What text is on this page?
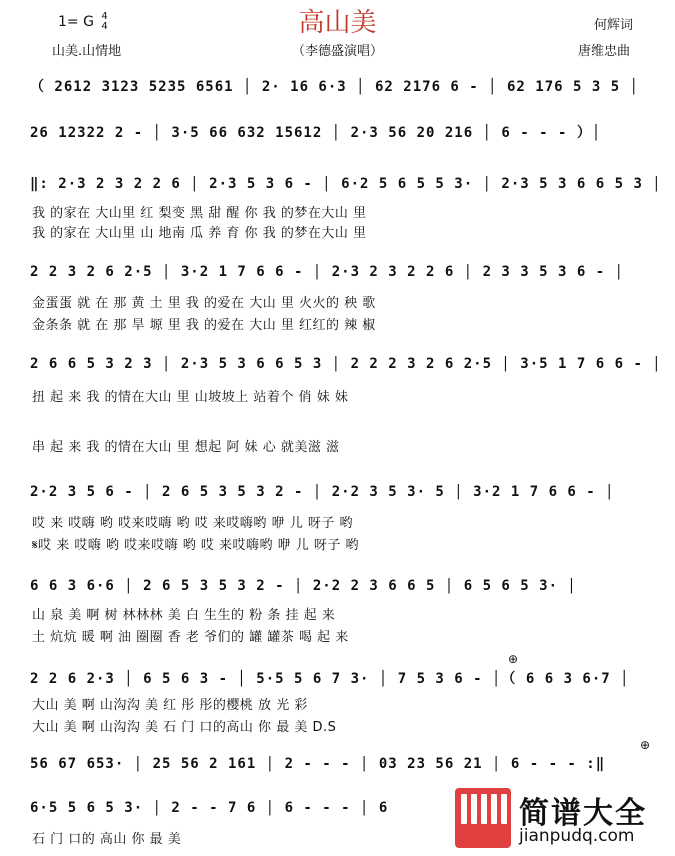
高山美
1= G 4
4
山美.山情地	（李德盛演唱）
何辉词
唐维忠曲
（ 2612 3123 5235 6561 │ 2· 16 6·3 │ 62 2176 6 - │ 62 176 5 3 5 │
26 12322 2 - │ 3·5 66 632 15612 │ 2·3 56 20 216 │ 6 - - - ）│
‖: 2·3 2 3 2 2 6 │ 2·3 5 3 6 - │ 6·2 5 6 5 5 3· │ 2·3 5 3 6 6 5 3 │
我 的家在 大山里 红 梨变 黑 甜 醒 你 我 的梦在大山 里
我 的家在 大山里 山 地南 瓜 养 育 你 我 的梦在大山 里
2 2 3 2 6 2·5 │ 3·2 1 7 6 6 - │ 2·3 2 3 2 2 6 │ 2 3 3 5 3 6 - │
金蛋蛋 就 在 那 黄 土 里 我 的爱在 大山 里 火火的 秧 歌
金条条 就 在 那 旱 塬 里 我 的爱在 大山 里 红红的 辣 椒
2 6 6 5 3 2 3 │ 2·3 5 3 6 6 5 3 │ 2 2 2 3 2 6 2·5 │ 3·5 1 7 6 6 - │
扭 起 来 我 的情在大山 里 山坡坡上 站着个 俏 妹 妹
串 起 来 我 的情在大山 里 想起 阿 妹 心 就美滋 滋
2·2 3 5 6 - │ 2 6 5 3 5 3 2 - │ 2·2 3 5 3· 5 │ 3·2 1 7 6 6 - │
哎 来 哎嗨 哟 哎来哎嗨 哟 哎 来哎嗨哟 咿 儿 呀子 哟
𝄋哎 来 哎嗨 哟 哎来哎嗨 哟 哎 来哎嗨哟 咿 儿 呀子 哟
6 6 3 6·6 │ 2 6 5 3 5 3 2 - │ 2·2 2 3 6 6 5 │ 6 5 6 5 3· │
山 泉 美 啊 树 林林林 美 白 生生的 粉 条 挂 起 来
土 炕炕 暖 啊 油 圈圈 香 老 爷们的 罐 罐茶 喝 起 来
2 2 6 2·3 │ 6 5 6 3 - │ 5·5 5 6 7 3· │ 7 5 3 6 - │（ 6 6 3 6·7 │
大山 美 啊 山沟沟 美 红 彤 彤的樱桃 放 光 彩
大山 美 啊 山沟沟 美 石 门 口的高山 你 最 美 D.S
⊕
56 67 653· │ 25 56 2 161 │ 2 - - - │ 03 23 56 21 │ 6 - - - :‖
⊕
6·5 5 6 5 3· │ 2 - - 7 6 │ 6 - - - │ 6
石 门 口的 高山 你 最 美
简谱大全
jianpudq.com
